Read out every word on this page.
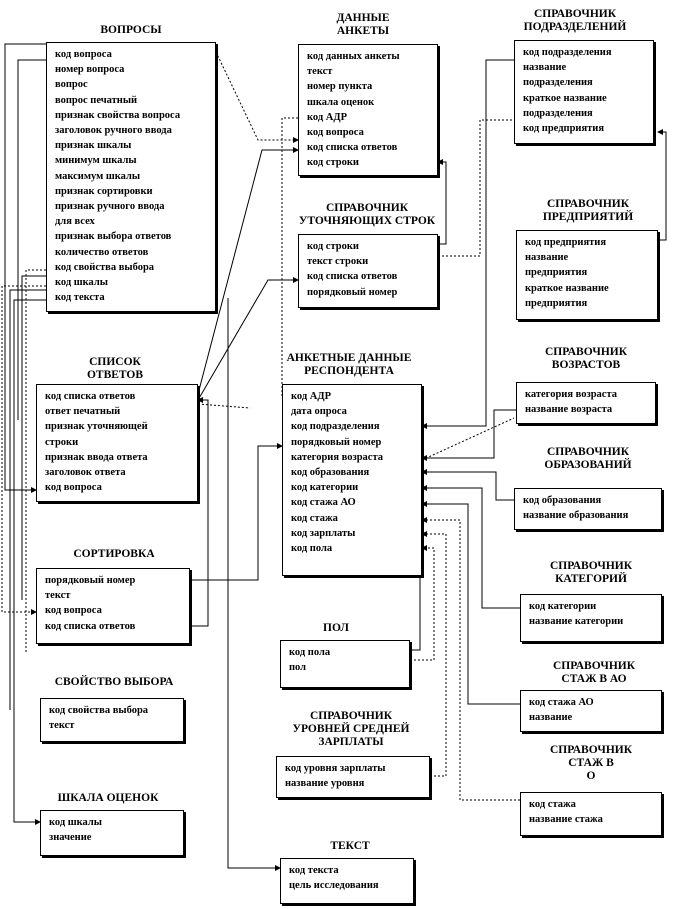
ВОПРОСЫ
код вопроса
номер вопроса
вопрос
вопрос печатный
признак свойства вопроса
заголовок ручного ввода
признак шкалы
минимум шкалы
максимум шкалы
признак сортировки
признак ручного ввода
для всех
признак выбора ответов
количество ответов
код свойства выбора
код шкалы
код текста
ДАННЫЕ
АНКЕТЫ
код данных анкеты
текст
номер пункта
шкала оценок
код АДР
код вопроса
код списка ответов
код строки
СПРАВОЧНИК
ПОДРАЗДЕЛЕНИЙ
код подразделения
название
подразделения
краткое название
подразделения
код предприятия
СПРАВОЧНИК
УТОЧНЯЮЩИХ СТРОК
код строки
текст строки
код списка ответов
порядковый номер
СПРАВОЧНИК
ПРЕДПРИЯТИЙ
код предприятия
название
предприятия
краткое название
предприятия
СПИСОК
ОТВЕТОВ
код списка ответов
ответ печатный
признак уточняющей
строки
признак ввода ответа
заголовок ответа
код вопроса
АНКЕТНЫЕ ДАННЫЕ
РЕСПОНДЕНТА
код АДР
дата опроса
код подразделения
порядковый номер
категория возраста
код образования
код категории
код стажа АО
код стажа
код зарплаты
код пола
СПРАВОЧНИК
ВОЗРАСТОВ
категория возраста
название возраста
СПРАВОЧНИК
ОБРАЗОВАНИЙ
код образования
название образования
СОРТИРОВКА
порядковый номер
текст
код вопроса
код списка ответов
СПРАВОЧНИК
КАТЕГОРИЙ
код категории
название категории
ПОЛ
код пола
пол
СВОЙСТВО ВЫБОРА
код свойства выбора
текст
СПРАВОЧНИК
СТАЖ В АО
код стажа АО
название
СПРАВОЧНИК
УРОВНЕЙ СРЕДНЕЙ
ЗАРПЛАТЫ
код уровня зарплаты
название уровня
СПРАВОЧНИК
СТАЖ В
О
код стажа
название стажа
ШКАЛА ОЦЕНОК
код шкалы
значение
ТЕКСТ
код текста
цель исследования
